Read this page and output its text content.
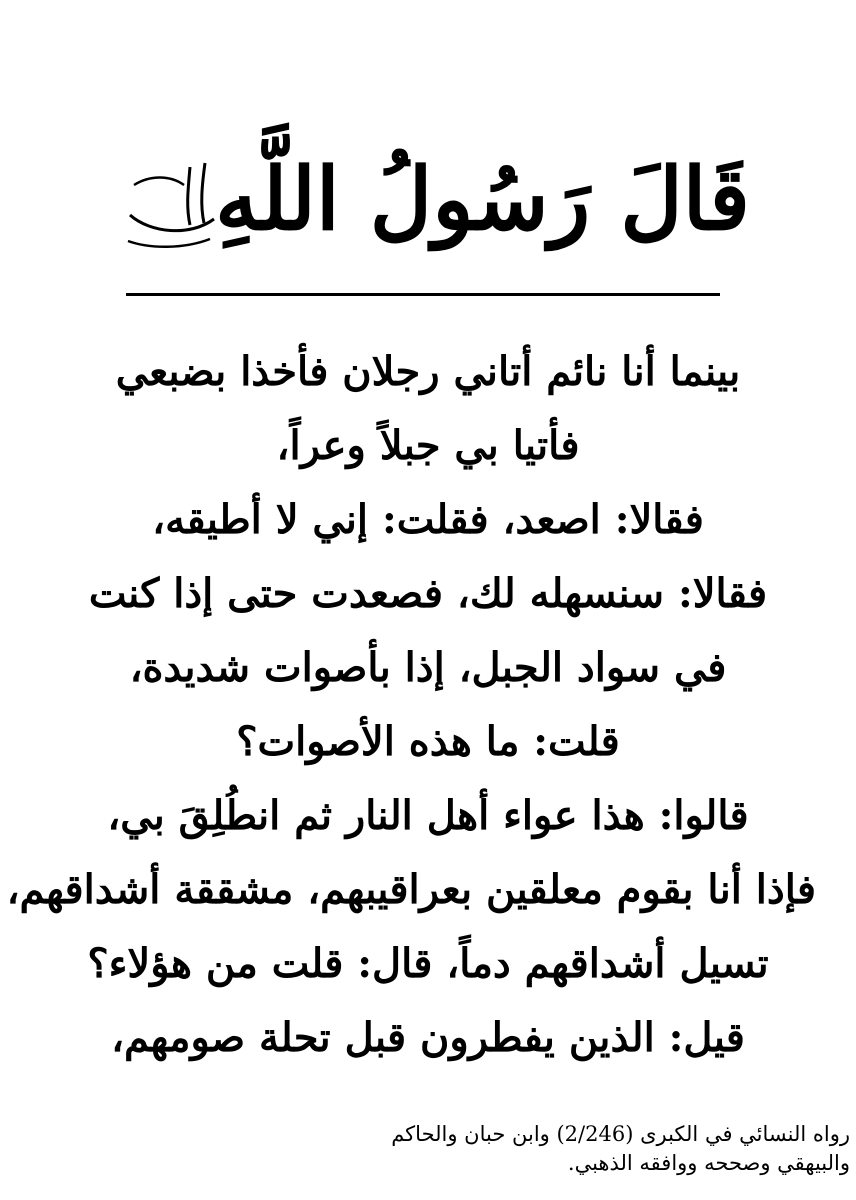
قَالَ رَسُولُ اللَّهِ
بينما أنا نائم أتاني رجلان فأخذا بضبعي
فأتيا بي جبلاً وعراً،
فقالا: اصعد، فقلت: إني لا أطيقه،
فقالا: سنسهله لك، فصعدت حتى إذا كنت
في سواد الجبل، إذا بأصوات شديدة،
قلت: ما هذه الأصوات؟
قالوا: هذا عواء أهل النار ثم انطُلِقَ بي،
فإذا أنا بقوم معلقين بعراقيبهم، مشققة أشداقهم،
تسيل أشداقهم دماً، قال: قلت من هؤلاء؟
قيل: الذين يفطرون قبل تحلة صومهم،
رواه النسائي في الكبرى (2/246) وابن حبان والحاكم
والبيهقي وصححه ووافقه الذهبي.
